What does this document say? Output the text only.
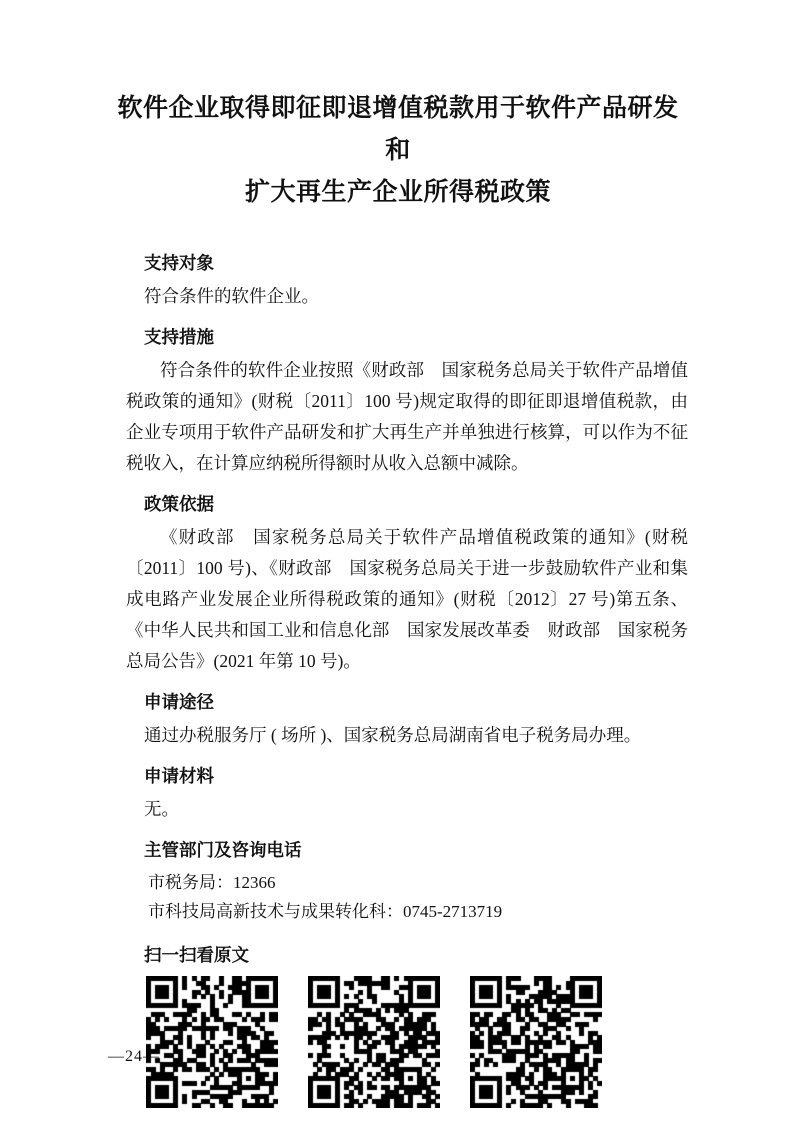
软件企业取得即征即退增值税款用于软件产品研发和
扩大再生产企业所得税政策
支持对象

符合条件的软件企业。

支持措施

符合条件的软件企业按照《财政部　国家税务总局关于软件产品增值税政策的通知》(财税〔2011〕100 号)规定取得的即征即退增值税款，由企业专项用于软件产品研发和扩大再生产并单独进行核算，可以作为不征税收入，在计算应纳税所得额时从收入总额中减除。

政策依据

《财政部　国家税务总局关于软件产品增值税政策的通知》(财税〔2011〕100 号)、《财政部　国家税务总局关于进一步鼓励软件产业和集成电路产业发展企业所得税政策的通知》(财税〔2012〕27 号)第五条、《中华人民共和国工业和信息化部　国家发展改革委　财政部　国家税务总局公告》(2021 年第 10 号)。

申请途径

通过办税服务厅 ( 场所 )、国家税务总局湖南省电子税务局办理。

申请材料

无。

主管部门及咨询电话

市税务局：12366

市科技局高新技术与成果转化科：0745-2713719

扫一扫看原文
—24—
